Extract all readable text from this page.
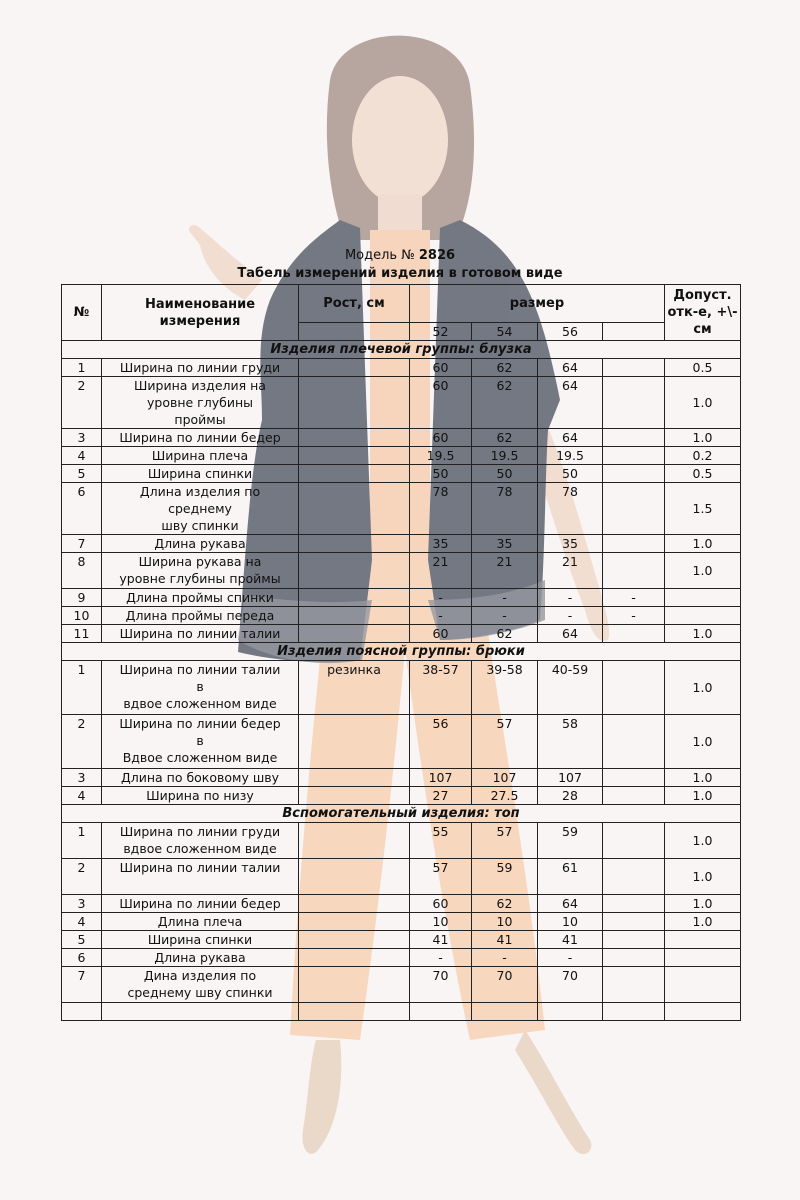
Модель № 2826
Табель измерений изделия в готовом виде
№	Наименование измерения	Рост, см	размер				Допуст. отк-е, +\-см
			52	54	56		
Изделия плечевой группы: блузка							
1	Ширина по линии груди		60	62	64		0.5
2	Ширина изделия на
уровне глубины
проймы		60	62	64		1.0
3	Ширина по линии бедер		60	62	64		1.0
4	Ширина плеча		19.5	19.5	19.5		0.2
5	Ширина спинки		50	50	50		0.5
6	Длина изделия по
среднему
шву спинки		78	78	78		1.5
7	Длина рукава		35	35	35		1.0
8	Ширина рукава на
уровне глубины проймы		21	21	21		1.0
9	Длина проймы спинки		-	-	-	-	
10	Длина проймы переда		-	-	-	-	
11	Ширина по линии талии		60	62	64		1.0
Изделия поясной группы: брюки							
1	Ширина по линии талии
в
вдвое сложенном виде	резинка	38-57	39-58	40-59		1.0
2	Ширина по линии бедер
в
Вдвое сложенном виде		56	57	58		1.0
3	Длина по боковому шву		107	107	107		1.0
4	Ширина по низу		27	27.5	28		1.0
Вспомогательный изделия: топ							
1	Ширина по линии груди
вдвое сложенном виде		55	57	59		1.0
2	Ширина по линии талии		57	59	61		1.0
3	Ширина по линии бедер		60	62	64		1.0
4	Длина плеча		10	10	10		1.0
5	Ширина спинки		41	41	41		
6	Длина рукава		-	-	-		
7	Дина изделия по
среднему шву спинки		70	70	70		
